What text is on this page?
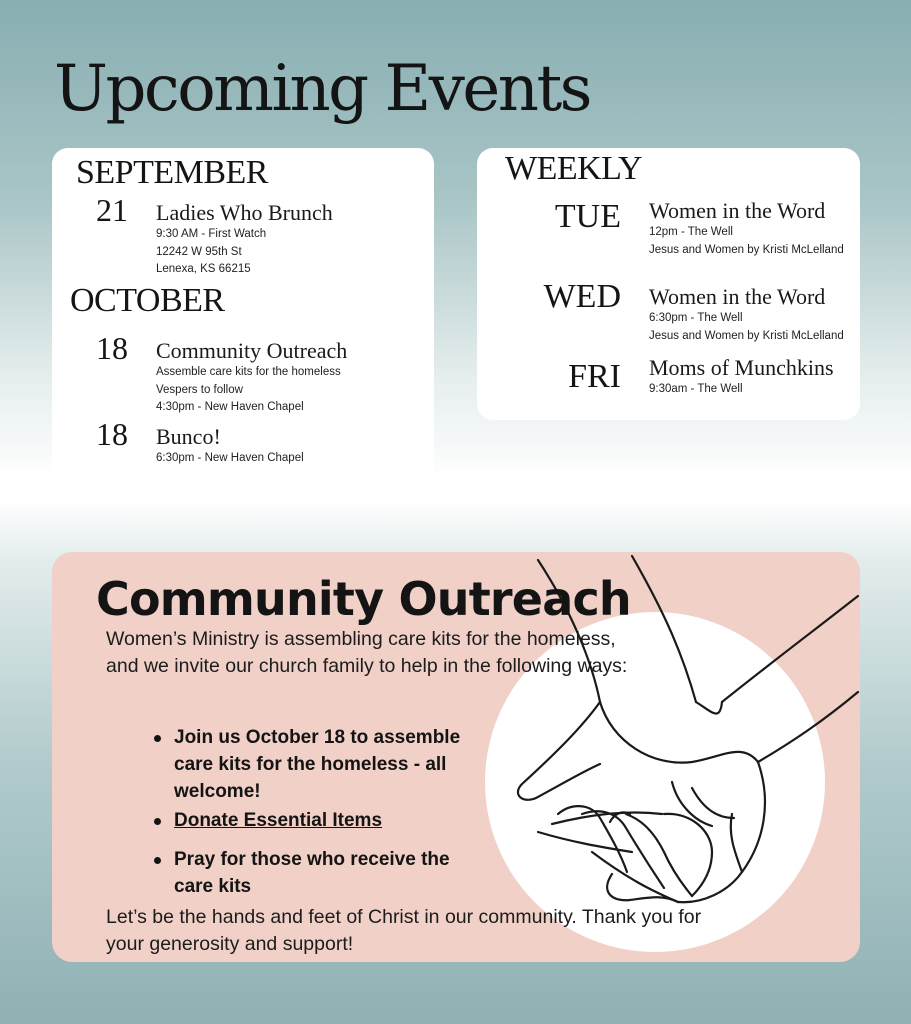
Upcoming Events
SEPTEMBER
21 Ladies Who Brunch
9:30 AM - First Watch
12242 W 95th St
Lenexa, KS 66215
OCTOBER
18 Community Outreach
Assemble care kits for the homeless
Vespers to follow
4:30pm - New Haven Chapel
18 Bunco!
6:30pm - New Haven Chapel
WEEKLY
TUE Women in the Word
12pm - The Well
Jesus and Women by Kristi McLelland
WED Women in the Word
6:30pm - The Well
Jesus and Women by Kristi McLelland
FRI Moms of Munchkins
9:30am - The Well
Community Outreach

Women’s Ministry is assembling care kits for the homeless, and we invite our church family to help in the following ways:

Join us October 18 to assemble care kits for the homeless - all welcome!
Donate Essential Items
Pray for those who receive the care kits

Let’s be the hands and feet of Christ in our community. Thank you for your generosity and support!
